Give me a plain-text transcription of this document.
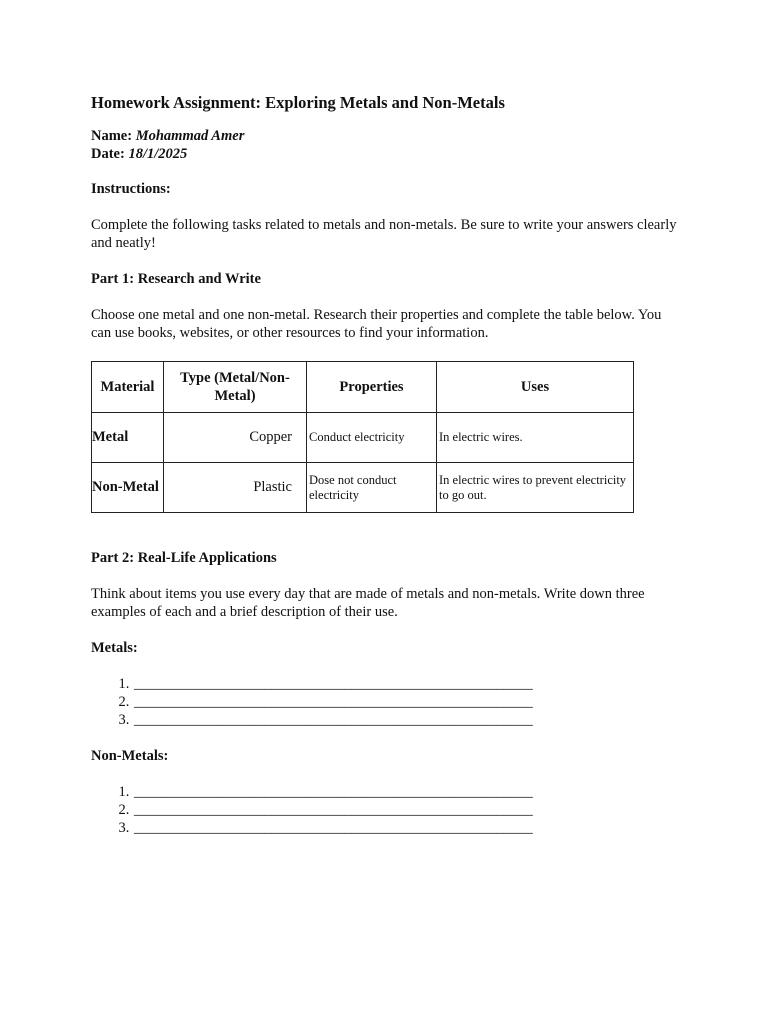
Homework Assignment: Exploring Metals and Non-Metals
Name: Mohammad Amer
Date: 18/1/2025
Instructions:
Complete the following tasks related to metals and non-metals. Be sure to write your answers clearly and neatly!
Part 1: Research and Write
Choose one metal and one non-metal. Research their properties and complete the table below. You can use books, websites, or other resources to find your information.
Material	Type (Metal/Non-Metal)	Properties	Uses
Metal	Copper	Conduct electricity	In electric wires.
Non-Metal	Plastic	Dose not conduct electricity	In electric wires to prevent electricity to go out.
Part 2: Real-Life Applications
Think about items you use every day that are made of metals and non-metals. Write down three examples of each and a brief description of their use.
Metals:
1. _______________________________________________________
2. _______________________________________________________
3. _______________________________________________________
Non-Metals:
1. _______________________________________________________
2. _______________________________________________________
3. _______________________________________________________
